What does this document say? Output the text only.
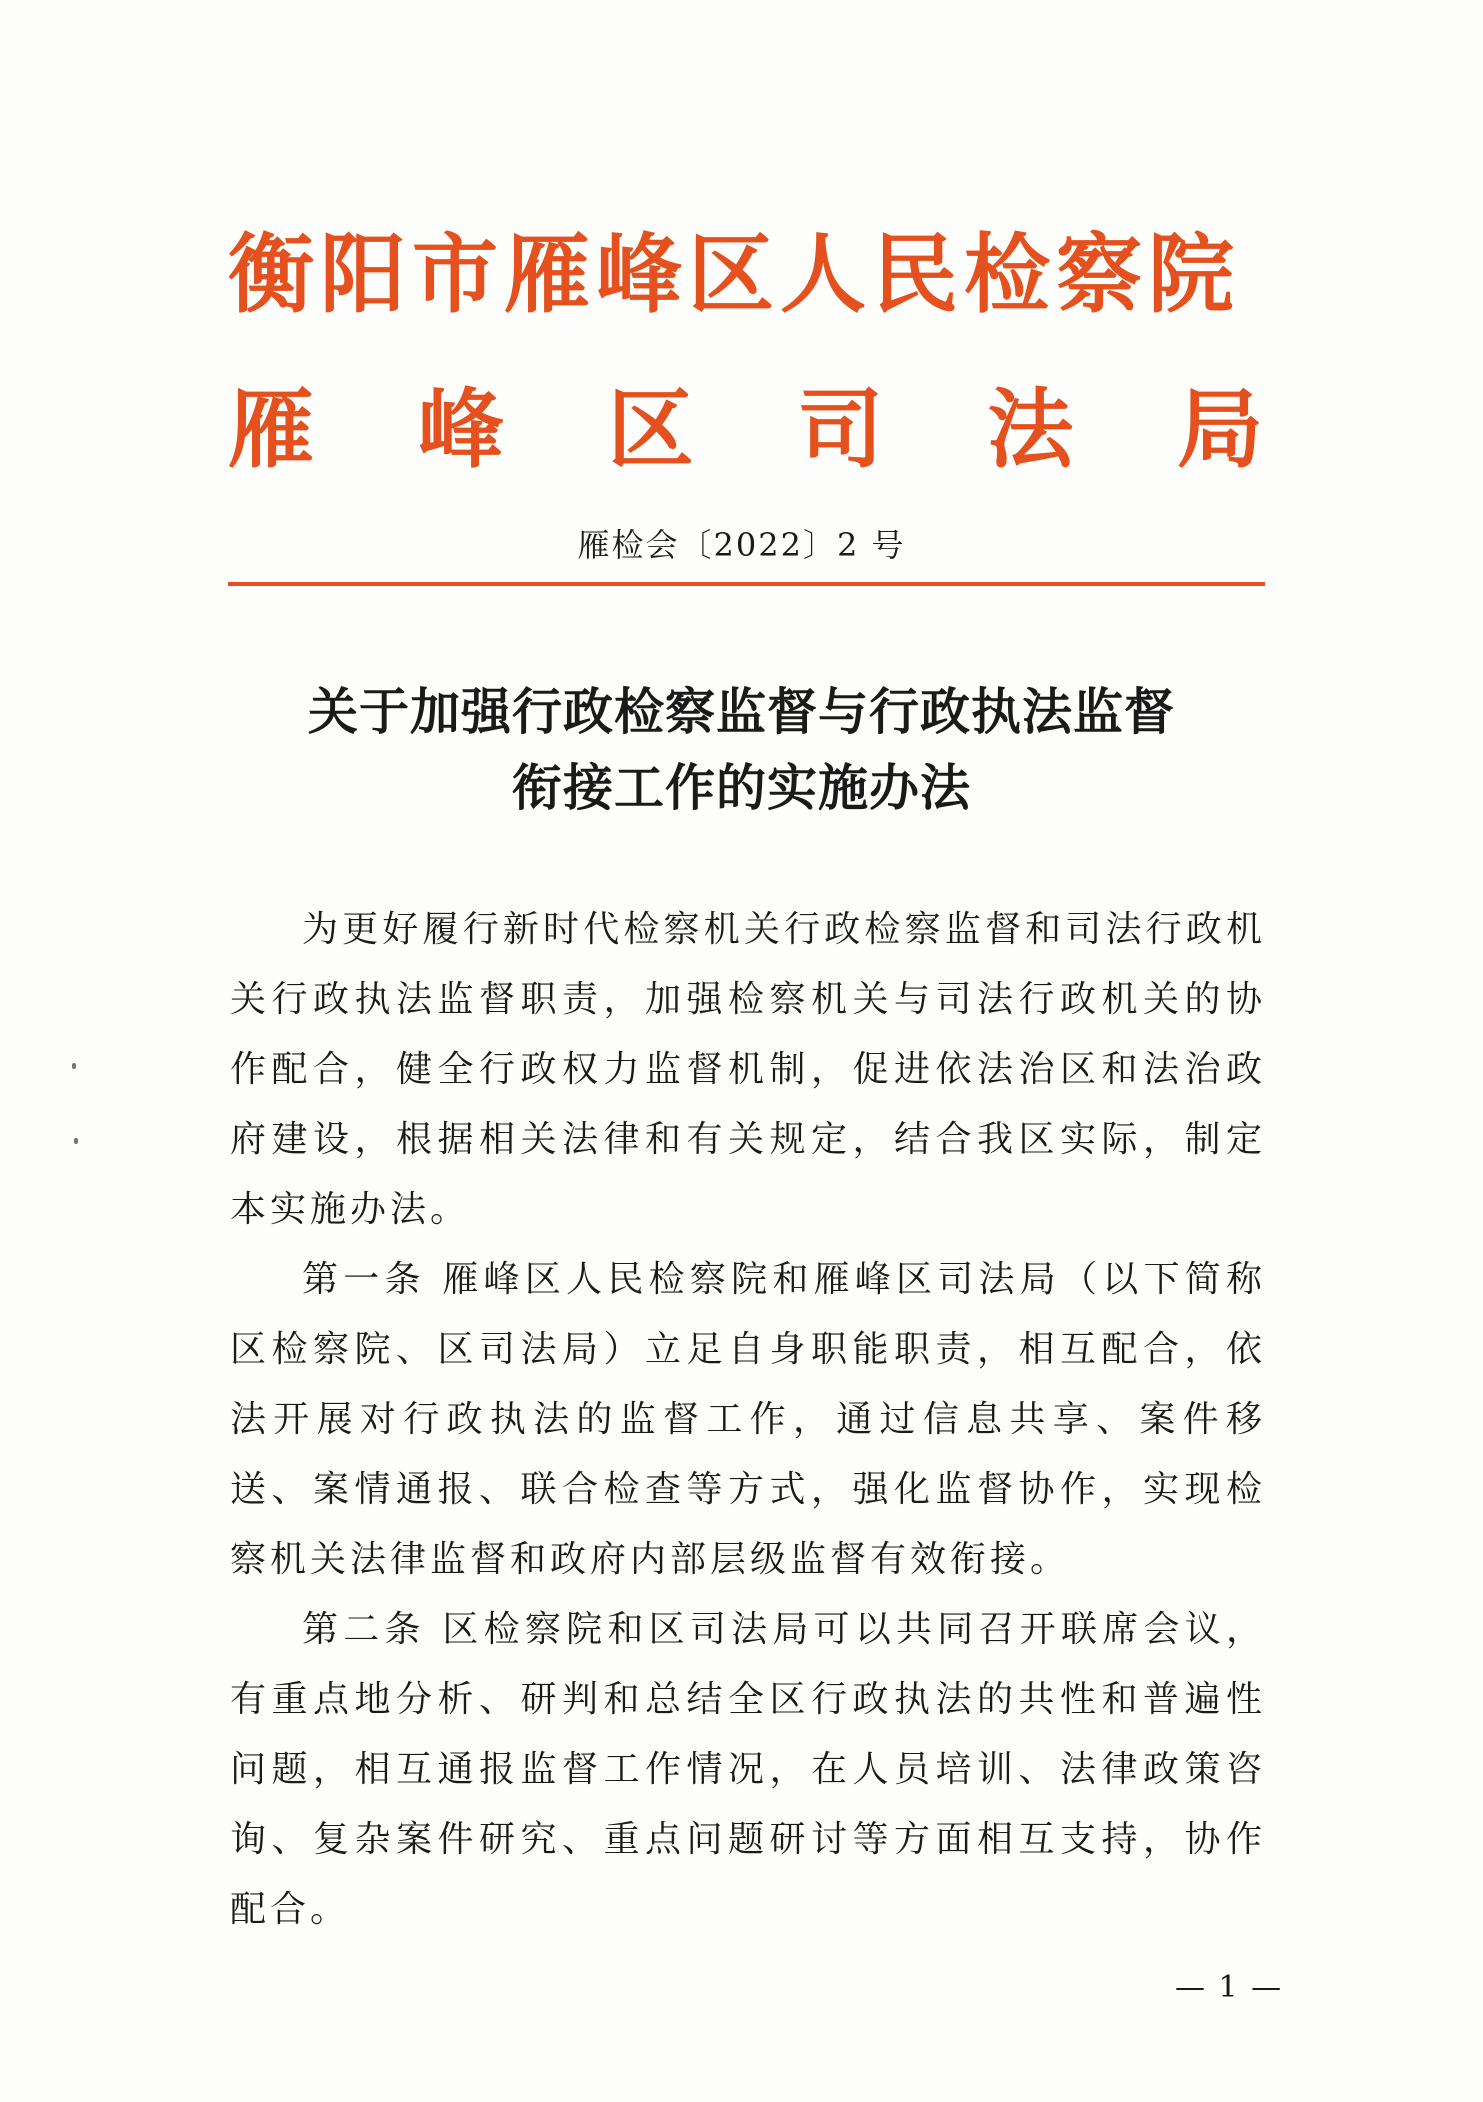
衡阳市雁峰区人民检察院
雁 峰 区 司 法 局
雁检会〔2022〕2 号
关于加强行政检察监督与行政执法监督
衔接工作的实施办法

为更好履行新时代检察机关行政检察监督和司法行政机关行政执法监督职责，加强检察机关与司法行政机关的协作配合，健全行政权力监督机制，促进依法治区和法治政府建设，根据相关法律和有关规定，结合我区实际，制定本实施办法。

第一条 雁峰区人民检察院和雁峰区司法局（以下简称区检察院、区司法局）立足自身职能职责，相互配合，依法开展对行政执法的监督工作，通过信息共享、案件移送、案情通报、联合检查等方式，强化监督协作，实现检察机关法律监督和政府内部层级监督有效衔接。

第二条 区检察院和区司法局可以共同召开联席会议，有重点地分析、研判和总结全区行政执法的共性和普遍性问题，相互通报监督工作情况，在人员培训、法律政策咨询、复杂案件研究、重点问题研讨等方面相互支持，协作配合。

— 1 —
